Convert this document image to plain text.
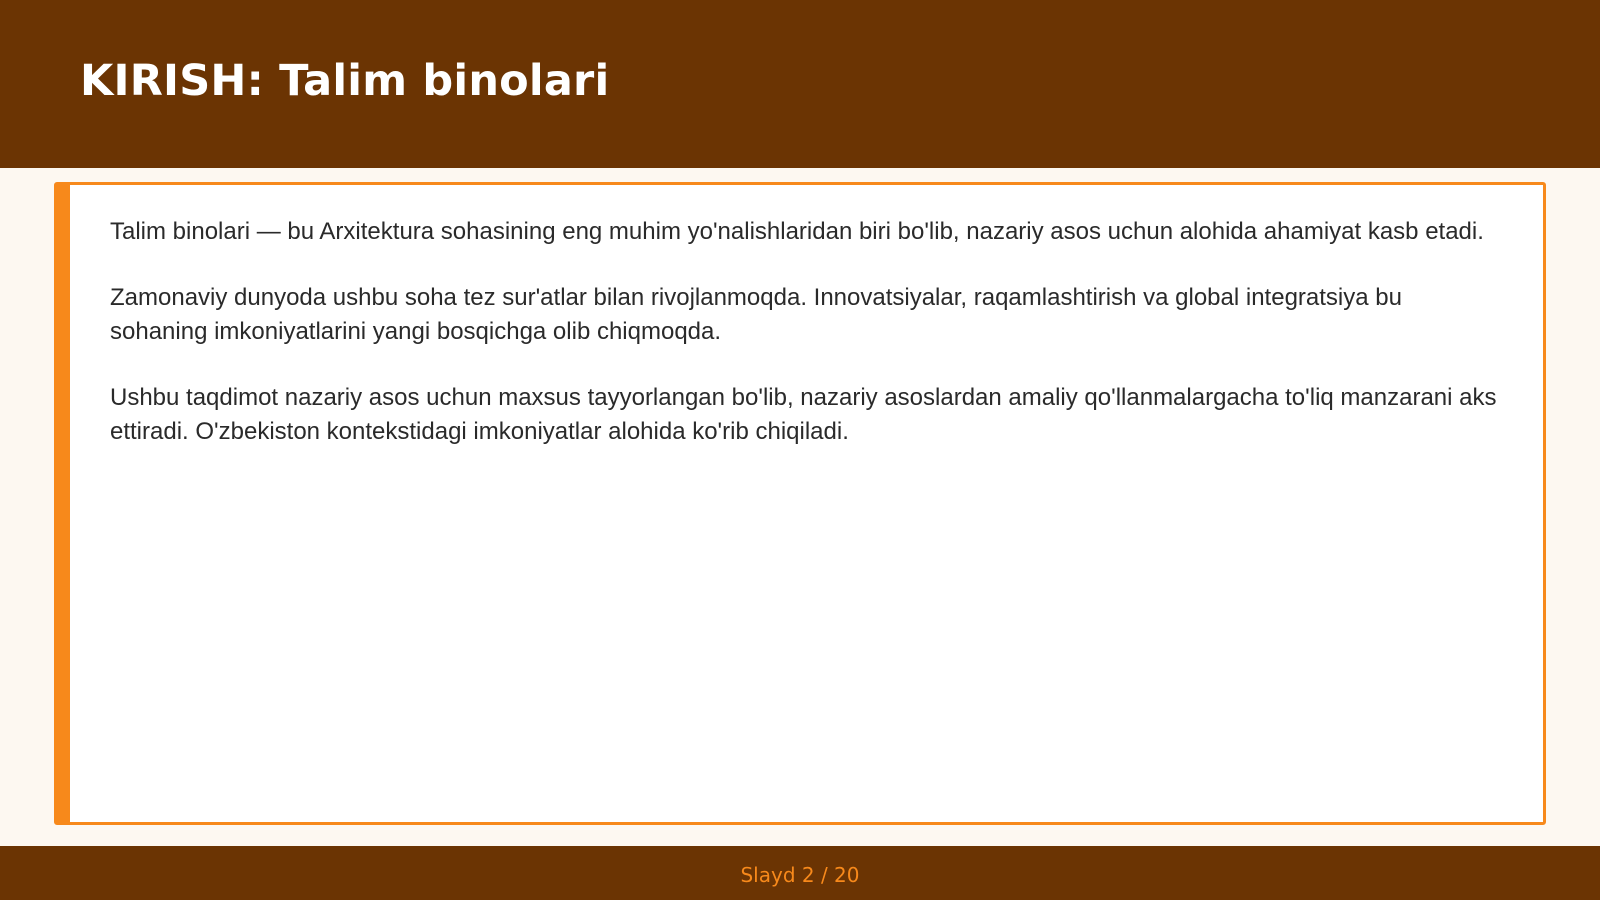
KIRISH: Talim binolari

Talim binolari — bu Arxitektura sohasining eng muhim yo'nalishlaridan biri bo'lib, nazariy asos uchun alohida ahamiyat kasb etadi.

Zamonaviy dunyoda ushbu soha tez sur'atlar bilan rivojlanmoqda. Innovatsiyalar, raqamlashtirish va global integratsiya bu sohaning imkoniyatlarini yangi bosqichga olib chiqmoqda.

Ushbu taqdimot nazariy asos uchun maxsus tayyorlangan bo'lib, nazariy asoslardan amaliy qo'llanmalargacha to'liq manzarani aks ettiradi. O'zbekiston kontekstidagi imkoniyatlar alohida ko'rib chiqiladi.

Slayd 2 / 20
